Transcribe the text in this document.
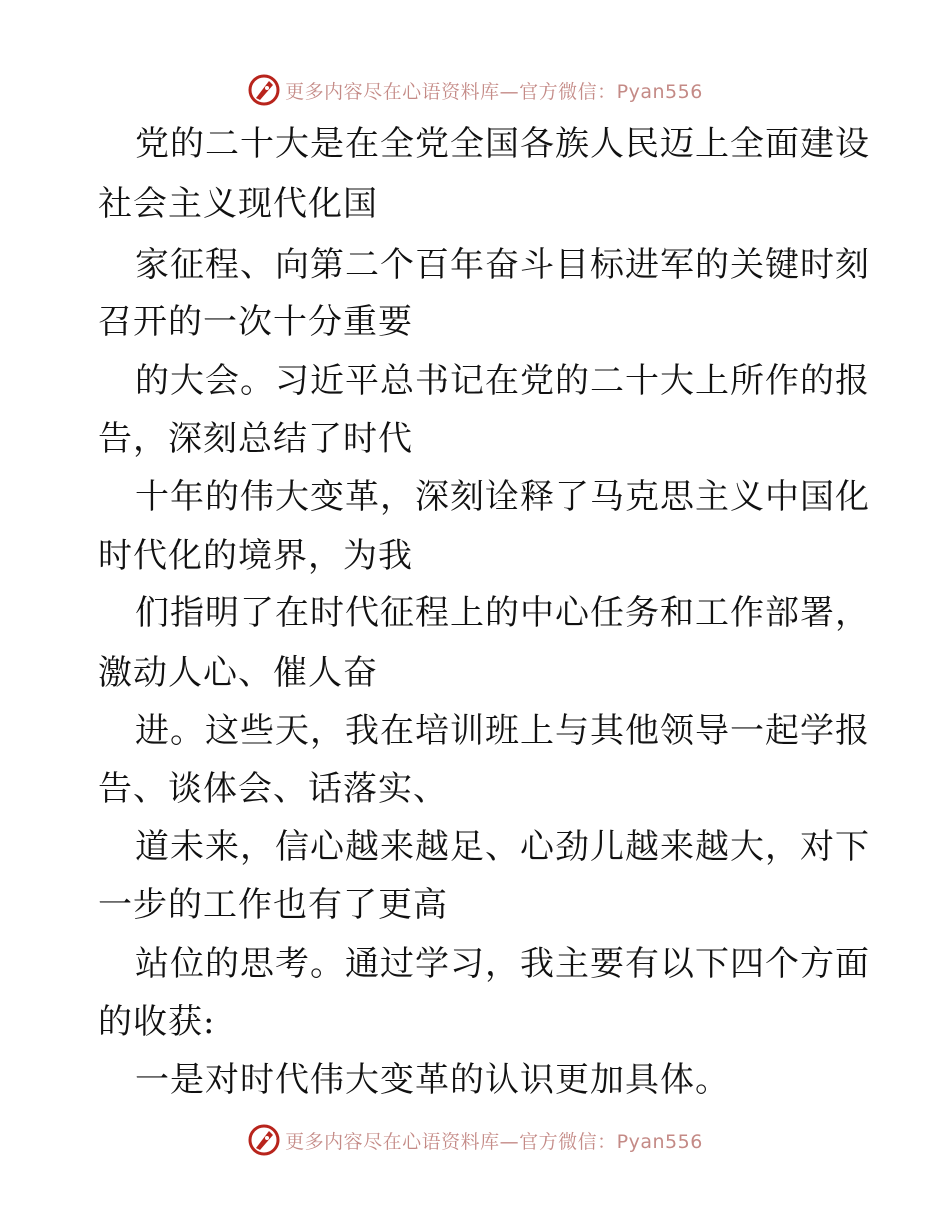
更多内容尽在心语资料库—官方微信：Pyan556
党的二十大是在全党全国各族人民迈上全面建设
社会主义现代化国
家征程、向第二个百年奋斗目标进军的关键时刻
召开的一次十分重要
的大会。习近平总书记在党的二十大上所作的报
告，深刻总结了时代
十年的伟大变革，深刻诠释了马克思主义中国化
时代化的境界，为我
们指明了在时代征程上的中心任务和工作部署，
激动人心、催人奋
进。这些天，我在培训班上与其他领导一起学报
告、谈体会、话落实、
道未来，信心越来越足、心劲儿越来越大，对下
一步的工作也有了更高
站位的思考。通过学习，我主要有以下四个方面
的收获:
一是对时代伟大变革的认识更加具体。
更多内容尽在心语资料库—官方微信：Pyan556
